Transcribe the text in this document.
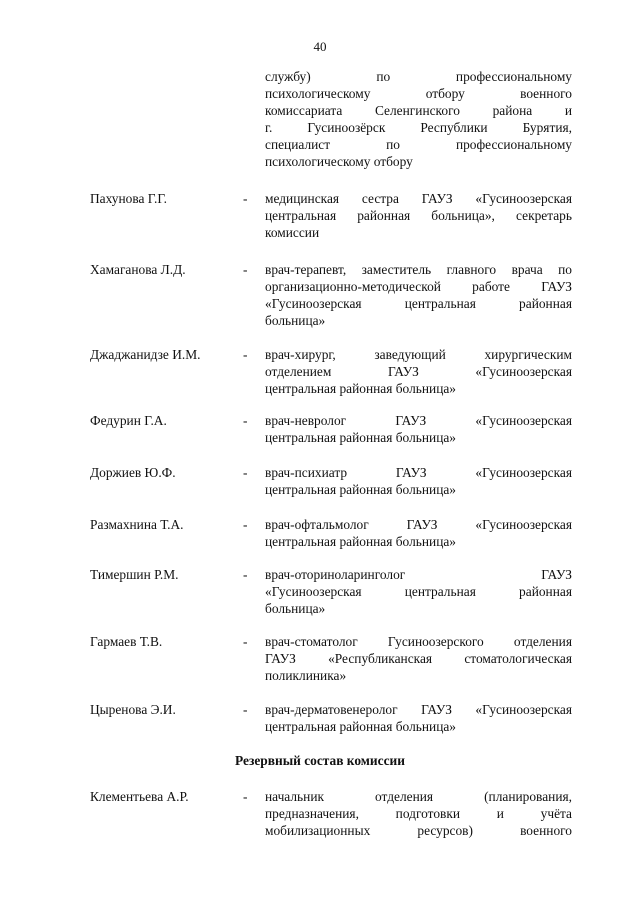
40
службу) по профессиональному
психологическому отбору военного
комиссариата Селенгинского района и
г. Гусиноозёрск Республики Бурятия,
специалист по профессиональному
психологическому отбору
Пахунова Г.Г.	- медицинская сестра ГАУЗ «Гусиноозерская
центральная районная больница», секретарь
комиссии
Хамаганова Л.Д.	- врач-терапевт, заместитель главного врача по
организационно-методической работе ГАУЗ
«Гусиноозерская центральная районная
больница»
Джаджанидзе И.М.	- врач-хирург, заведующий хирургическим
отделением ГАУЗ «Гусиноозерская
центральная районная больница»
Федурин Г.А.	- врач-невролог ГАУЗ «Гусиноозерская
центральная районная больница»
Доржиев Ю.Ф.	- врач-психиатр ГАУЗ «Гусиноозерская
центральная районная больница»
Размахнина Т.А.	- врач-офтальмолог ГАУЗ «Гусиноозерская
центральная районная больница»
Тимершин Р.М.	- врач-оториноларинголог ГАУЗ
«Гусиноозерская центральная районная
больница»
Гармаев Т.В.	- врач-стоматолог Гусиноозерского отделения
ГАУЗ «Республиканская стоматологическая
поликлиника»
Цыренова Э.И.	- врач-дерматовенеролог ГАУЗ «Гусиноозерская
центральная районная больница»
Резервный состав комиссии
Клементьева А.Р.	- начальник отделения (планирования,
предназначения, подготовки и учёта
мобилизационных ресурсов) военного
